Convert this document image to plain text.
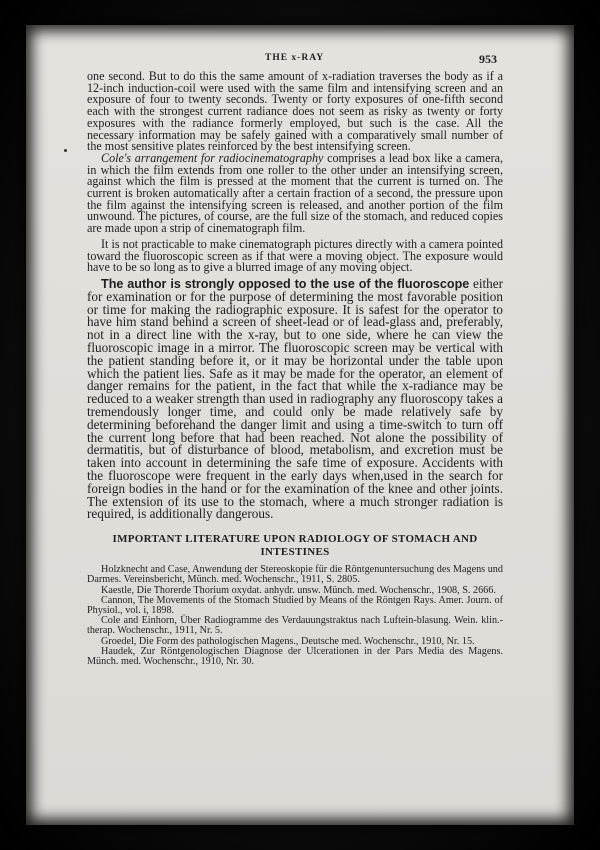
THE x-RAY	953

one second. But to do this the same amount of x-radiation traverses the body as if a 12-inch induction-coil were used with the same film and intensifying screen and an exposure of four to twenty seconds. Twenty or forty exposures of one-fifth second each with the strongest current radiance does not seem as risky as twenty or forty exposures with the radiance formerly employed, but such is the case. All the necessary information may be safely gained with a comparatively small number of the most sensitive plates reinforced by the best intensifying screen.

Cole's arrangement for radiocinematography comprises a lead box like a camera, in which the film extends from one roller to the other under an intensifying screen, against which the film is pressed at the moment that the current is turned on. The current is broken automatically after a certain fraction of a second, the pressure upon the film against the intensifying screen is released, and another portion of the film unwound. The pictures, of course, are the full size of the stomach, and reduced copies are made upon a strip of cinematograph film.

It is not practicable to make cinematograph pictures directly with a camera pointed toward the fluoroscopic screen as if that were a moving object. The exposure would have to be so long as to give a blurred image of any moving object.

The author is strongly opposed to the use of the fluoroscope either for examination or for the purpose of determining the most favorable position or time for making the radiographic exposure. It is safest for the operator to have him stand behind a screen of sheet-lead or of lead-glass and, preferably, not in a direct line with the x-ray, but to one side, where he can view the fluoroscopic image in a mirror. The fluoroscopic screen may be vertical with the patient standing before it, or it may be horizontal under the table upon which the patient lies. Safe as it may be made for the operator, an element of danger remains for the patient, in the fact that while the x-radiance may be reduced to a weaker strength than used in radiography any fluoroscopy takes a tremendously longer time, and could only be made relatively safe by determining beforehand the danger limit and using a time-switch to turn off the current long before that had been reached. Not alone the possibility of dermatitis, but of disturbance of blood, metabolism, and excretion must be taken into account in determining the safe time of exposure. Accidents with the fluoroscope were frequent in the early days when,used in the search for foreign bodies in the hand or for the examination of the knee and other joints. The extension of its use to the stomach, where a much stronger radiation is required, is additionally dangerous.

IMPORTANT LITERATURE UPON RADIOLOGY OF STOMACH AND INTESTINES

Holzknecht and Case, Anwendung der Stereoskopie für die Röntgenuntersuchung des Magens und Darmes. Vereinsbericht, Münch. med. Wochenschr., 1911, S. 2805.

Kaestle, Die Thorerde Thorium oxydat. anhydr. unsw. Münch. med. Wochenschr., 1908, S. 2666.

Cannon, The Movements of the Stomach Studied by Means of the Röntgen Rays. Amer. Journ. of Physiol., vol. i, 1898.

Cole and Einhorn, Über Radiogramme des Verdauungstraktus nach Luftein-blasung. Wein. klin.-therap. Wochenschr., 1911, Nr. 5.

Groedel, Die Form des pathologischen Magens., Deutsche med. Wochenschr., 1910, Nr. 15.

Haudek, Zur Röntgenologischen Diagnose der Ulcerationen in der Pars Media des Magens. Münch. med. Wochenschr., 1910, Nr. 30.
